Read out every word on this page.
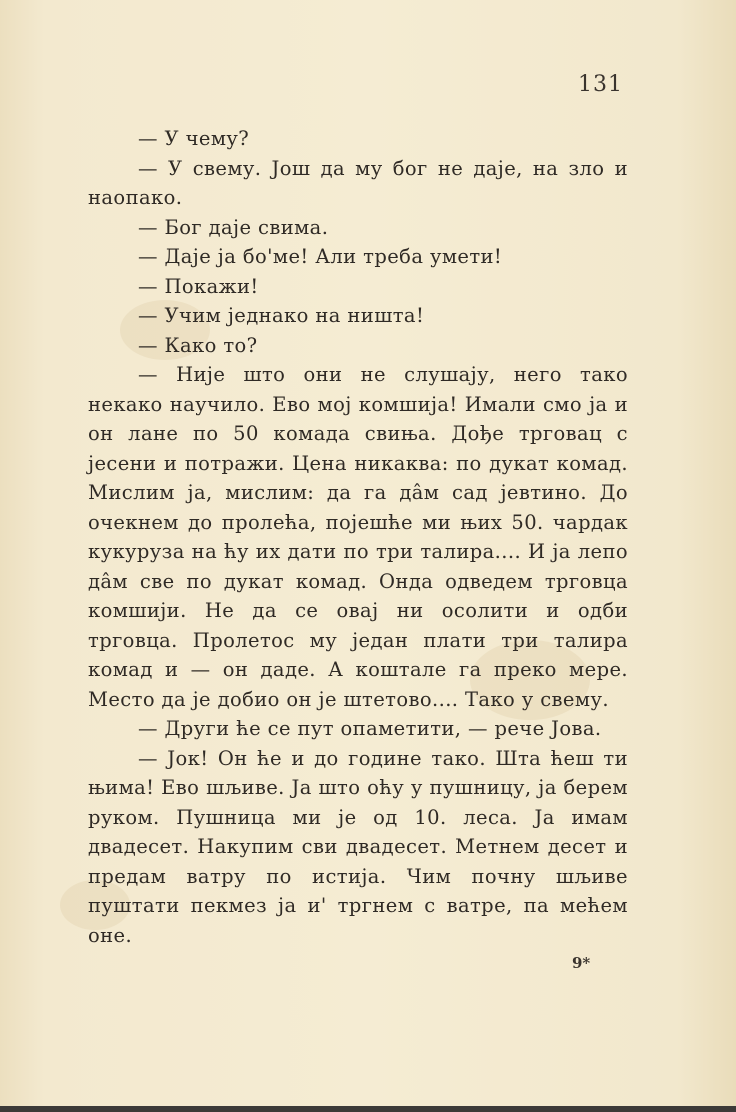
131

— У чему?

— У свему. Још да му бог не даје, на зло и наопако.

— Бог даје свима.

— Даје ја бо'ме! Али треба умети!

— Покажи!

— Учим једнако на ништа!

— Како то?

— Није што они не слушају, него тако некако научило. Ево мој комшија! Имали смо ја и он лане по 50 комада свиња. Дође трговац с јесени и потражи. Цена никаква: по дукат комад. Мислим ја, мислим: да га дâм сад јевтино. До очекнем до пролећа, појешће ми њих 50. чардак кукуруза на ћу их дати по три талира.... И ја лепо дâм све по дукат комад. Онда одведем трговца комшији. Не да се овај ни осолити и одби трговца. Пролетос му један плати три талира комад и — он даде. А коштале га преко мере. Место да је добио он је штетово.... Тако у свему.

— Други ће се пут опаметити, — рече Јова.

— Јок! Он ће и до године тако. Шта ћеш ти њима! Ево шљиве. Ја што оћу у пушницу, ја берем руком. Пушница ми је од 10. леса. Ја имам двадесет. Накупим сви двадесет. Метнем десет и предам ватру по истија. Чим почну шљиве пуштати пекмез ја и' тргнем с ватре, па мећем оне.

9*
